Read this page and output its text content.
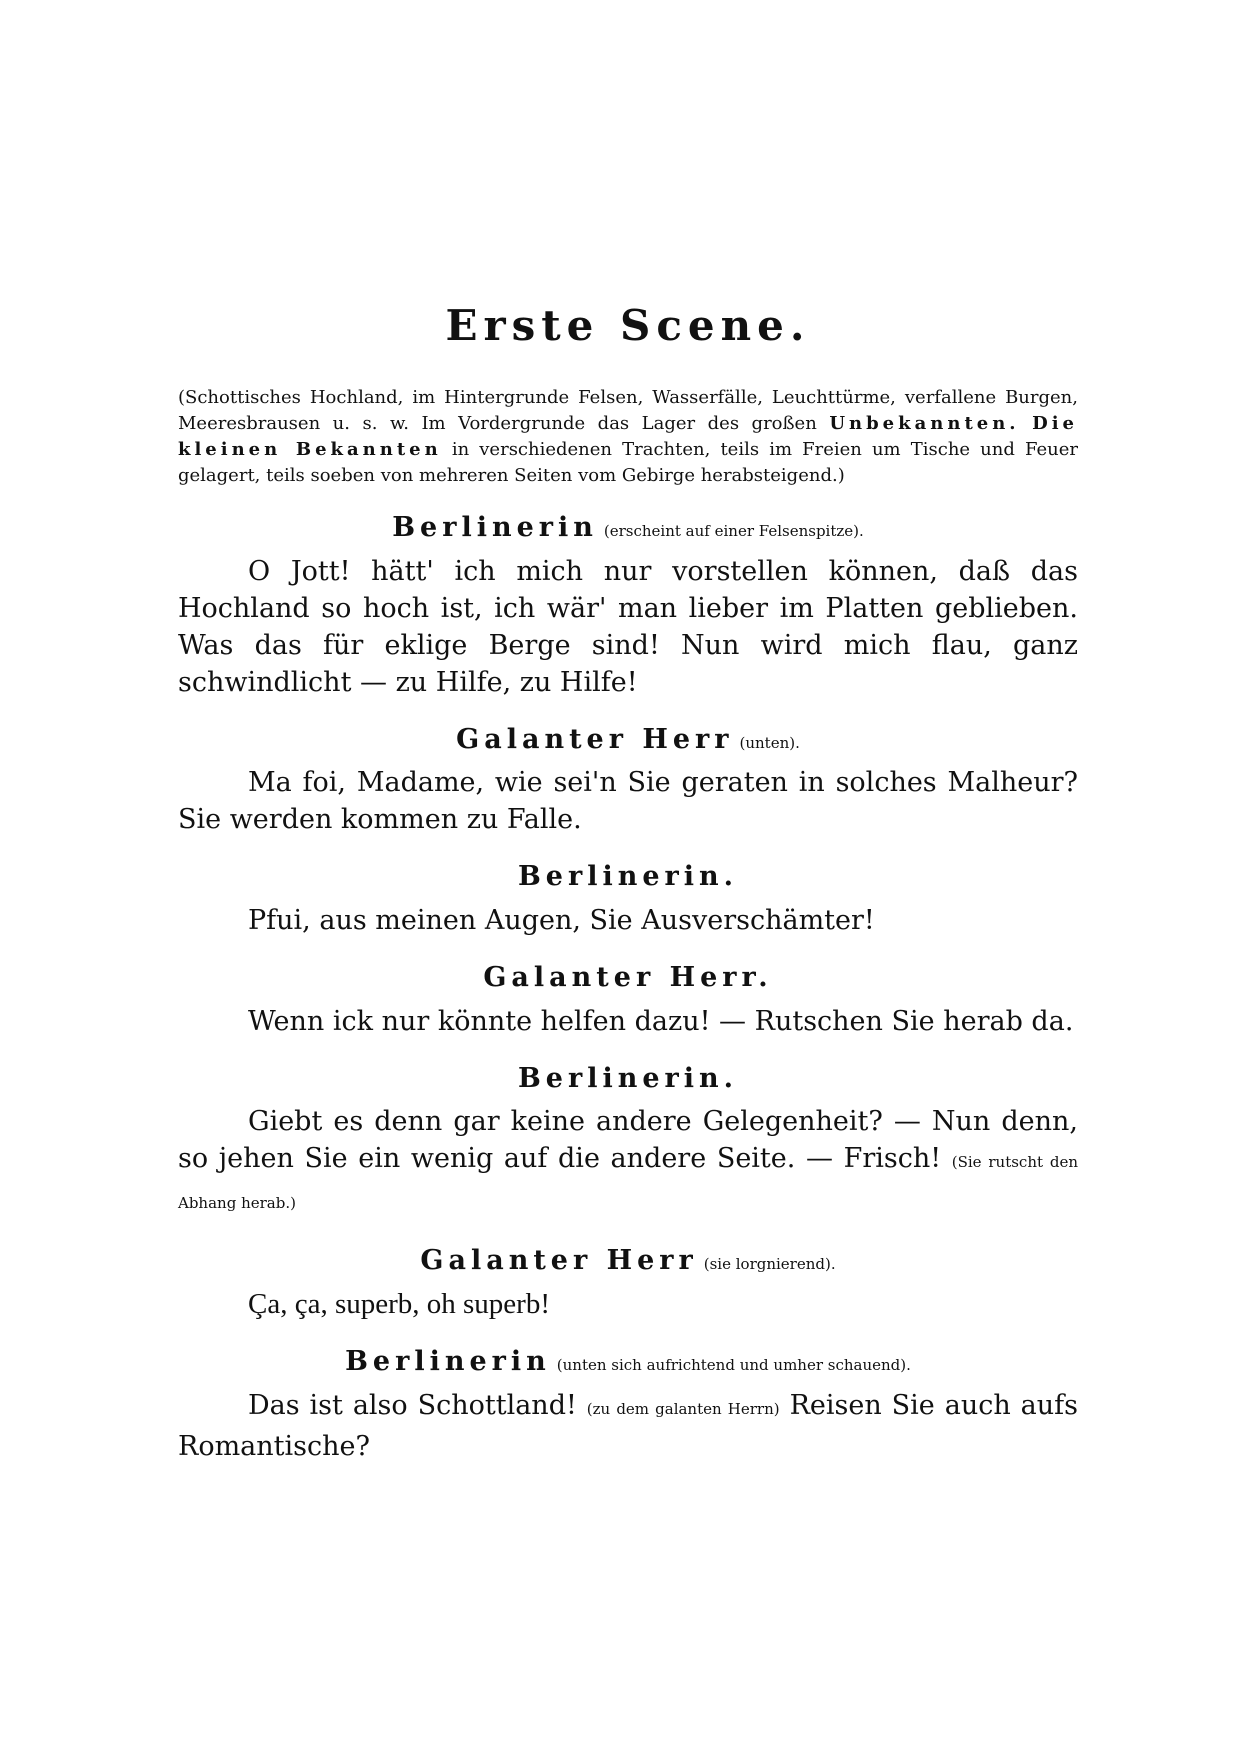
Erste Scene.

(Schottisches Hochland, im Hintergrunde Felsen, Wasserfälle, Leuchttürme, verfallene Burgen, Meeresbrausen u. s. w. Im Vordergrunde das Lager des großen Unbekannten. Die kleinen Bekannten in verschiedenen Trachten, teils im Freien um Tische und Feuer gelagert, teils soeben von mehreren Seiten vom Gebirge herabsteigend.)

Berlinerin (erscheint auf einer Felsenspitze).

O Jott! hätt' ich mich nur vorstellen können, daß das Hochland so hoch ist, ich wär' man lieber im Platten geblieben. Was das für eklige Berge sind! Nun wird mich flau, ganz schwindlicht — zu Hilfe, zu Hilfe!

Galanter Herr (unten).

Ma foi, Madame, wie sei'n Sie geraten in solches Malheur? Sie werden kommen zu Falle.

Berlinerin.

Pfui, aus meinen Augen, Sie Ausverschämter!

Galanter Herr.

Wenn ick nur könnte helfen dazu! — Rutschen Sie herab da.

Berlinerin.

Giebt es denn gar keine andere Gelegenheit? — Nun denn, so jehen Sie ein wenig auf die andere Seite. — Frisch! (Sie rutscht den Abhang herab.)

Galanter Herr (sie lorgnierend).

Ça, ça, superb, oh superb!

Berlinerin (unten sich aufrichtend und umher schauend).

Das ist also Schottland! (zu dem galanten Herrn) Reisen Sie auch aufs Romantische?
